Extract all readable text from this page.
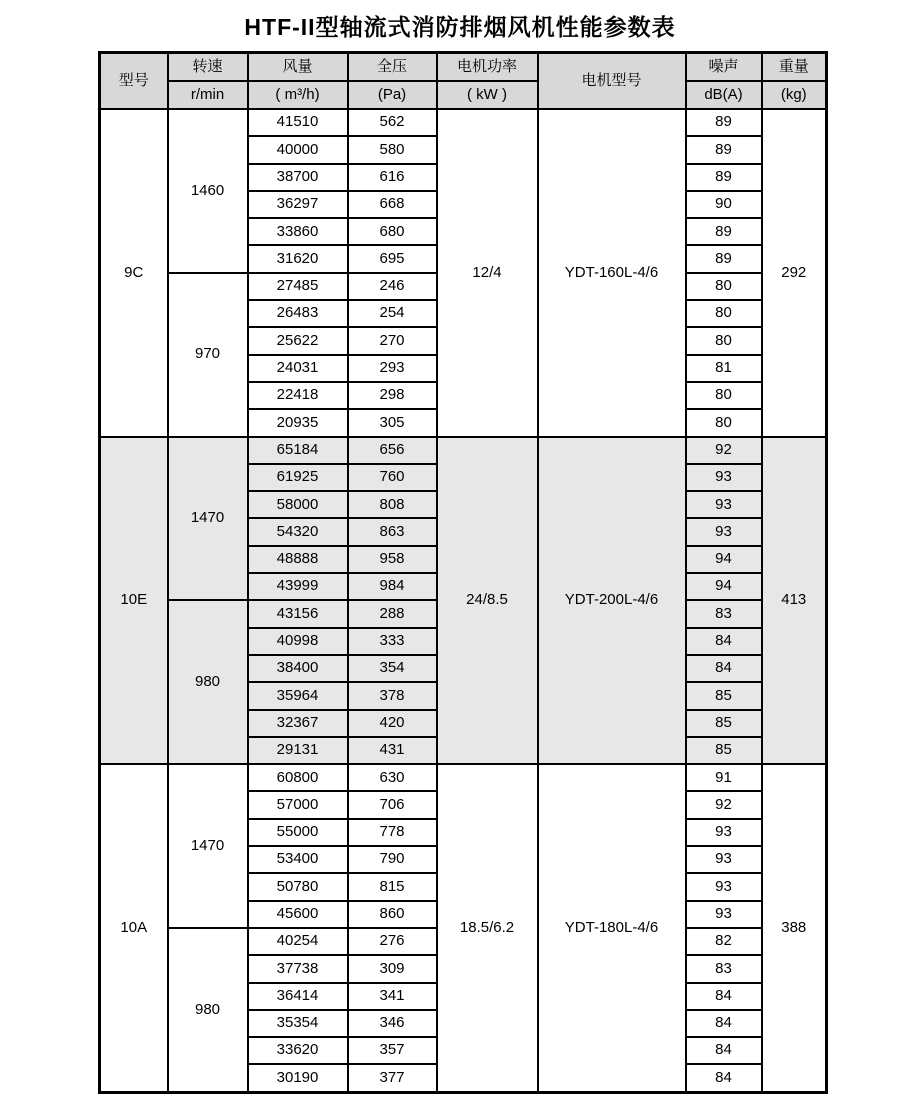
HTF-II型轴流式消防排烟风机性能参数表
型号	转速	风量	全压	电机功率	电机型号	噪声	重量
	r/min	( m³/h)	(Pa)	( kW )		dB(A)	(kg)
9C	1460	41510	562	12/4	YDT-160L-4/6	89	292
		40000	580			89	
		38700	616			89	
		36297	668			90	
		33860	680			89	
		31620	695			89	
	970	27485	246			80	
		26483	254			80	
		25622	270			80	
		24031	293			81	
		22418	298			80	
		20935	305			80	
10E	1470	65184	656	24/8.5	YDT-200L-4/6	92	413
		61925	760			93	
		58000	808			93	
		54320	863			93	
		48888	958			94	
		43999	984			94	
	980	43156	288			83	
		40998	333			84	
		38400	354			84	
		35964	378			85	
		32367	420			85	
		29131	431			85	
10A	1470	60800	630	18.5/6.2	YDT-180L-4/6	91	388
		57000	706			92	
		55000	778			93	
		53400	790			93	
		50780	815			93	
		45600	860			93	
	980	40254	276			82	
		37738	309			83	
		36414	341			84	
		35354	346			84	
		33620	357			84	
		30190	377			84	
